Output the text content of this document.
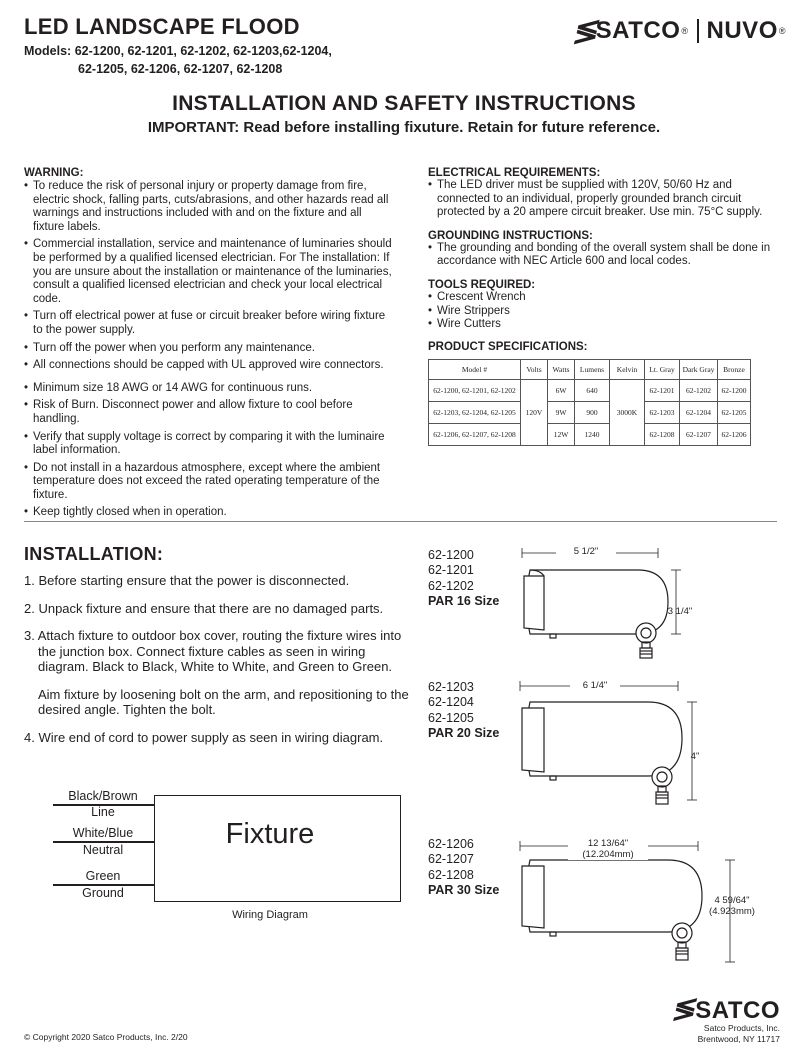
LED LANDSCAPE FLOOD
Models: 62-1200, 62-1201, 62-1202, 62-1203,62-1204,
62-1205, 62-1206, 62-1207, 62-1208
≶
SATCO ® NUVO ®
INSTALLATION AND SAFETY INSTRUCTIONS
IMPORTANT: Read before installing fixuture. Retain for future reference.
WARNING:
• To reduce the risk of personal injury or property damage from fire, electric shock, falling parts, cuts/abrasions, and other hazards read all warnings and instructions included with and on the fixture and all fixture labels.
• Commercial installation, service and maintenance of luminaries should be performed by a qualified licensed electrician. For The installation: If you are unsure about the installation or maintenance of the luminaries, consult a qualified licensed electrician and check your local electrical code.
• Turn off electrical power at fuse or circuit breaker before wiring fixture to the power supply.
• Turn off the power when you perform any maintenance.
• All connections should be capped with UL approved wire connectors.
• Minimum size 18 AWG or 14 AWG for continuous runs.
• Risk of Burn. Disconnect power and allow fixture to cool before handling.
• Verify that supply voltage is correct by comparing it with the luminaire label information.
• Do not install in a hazardous atmosphere, except where the ambient temperature does not exceed the rated operating temperature of the fixture.
• Keep tightly closed when in operation.
ELECTRICAL REQUIREMENTS:
• The LED driver must be supplied with 120V, 50/60 Hz and connected to an individual, properly grounded branch circuit protected by a 20 ampere circuit breaker. Use min. 75°C supply.
GROUNDING INSTRUCTIONS:
• The grounding and bonding of the overall system shall be done in accordance with NEC Article 600 and local codes.
TOOLS REQUIRED:
• Crescent Wrench
• Wire Strippers
• Wire Cutters
PRODUCT SPECIFICATIONS:
Model #	Volts	Watts	Lumens	Kelvin	Lt. Gray	Dark Gray	Bronze
62-1200, 62-1201, 62-1202	120V	6W	640	3000K	62-1201	62-1202	62-1200
62-1203, 62-1204, 62-1205		9W	900		62-1203	62-1204	62-1205
62-1206, 62-1207, 62-1208		12W	1240		62-1208	62-1207	62-1206
INSTALLATION:

1. Before starting ensure that the power is disconnected.

2. Unpack fixture and ensure that there are no damaged parts.

3. Attach fixture to outdoor box cover, routing the fixture wires into the junction box. Connect fixture cables as seen in wiring diagram. Black to Black, White to White, and Green to Green.

Aim fixture by loosening bolt on the arm, and repositioning to the desired angle. Tighten the bolt.

4. Wire end of cord to power supply as seen in wiring diagram.

Black/Brown
Line
White/Blue
Neutral
Green
Ground
Fixture
Wiring Diagram
62-1200
62-1201
62-1202
PAR 16 Size
62-1203
62-1204
62-1205
PAR 20 Size
62-1206
62-1207
62-1208
PAR 30 Size
5 1/2"
3 1/4"
6 1/4"
4"
12 13/64"
(12.204mm)
4 59/64"
(4.923mm)
© Copyright 2020 Satco Products, Inc. 2/20
≶SATCO
Satco Products, Inc.
Brentwood, NY 11717
